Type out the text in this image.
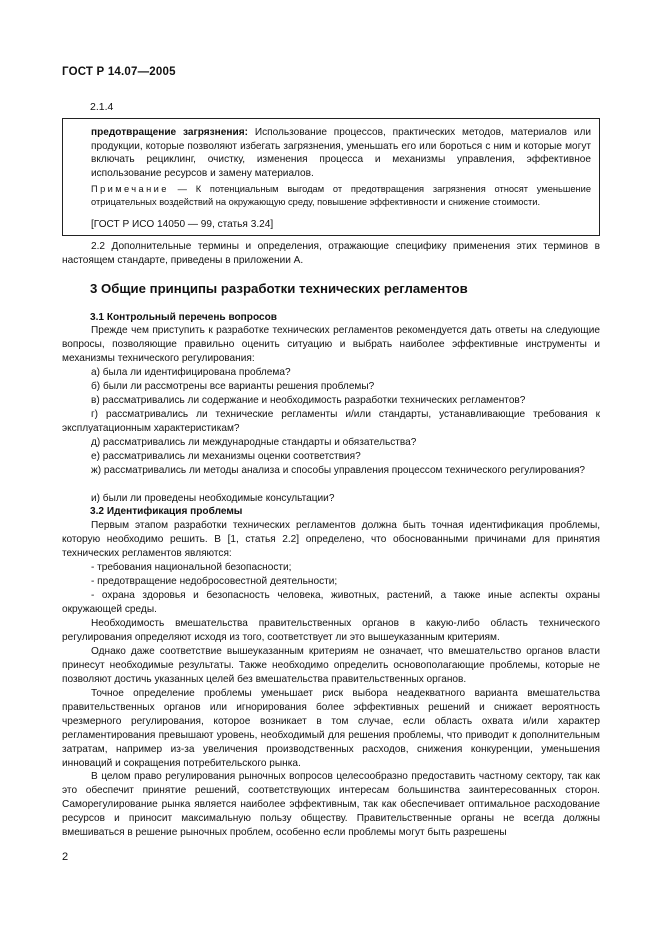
ГОСТ Р 14.07—2005
2.1.4
предотвращение загрязнения: Использование процессов, практических методов, материалов или продукции, которые позволяют избегать загрязнения, уменьшать его или бороться с ним и которые могут включать рециклинг, очистку, изменения процесса и механизмы управления, эффективное использование ресурсов и замену материалов.
Примечание — К потенциальным выгодам от предотвращения загрязнения относят уменьшение отрицательных воздействий на окружающую среду, повышение эффективности и снижение стоимости.
[ГОСТ Р ИСО 14050 — 99, статья 3.24]

2.2 Дополнительные термины и определения, отражающие специфику применения этих терминов в настоящем стандарте, приведены в приложении А.

3 Общие принципы разработки технических регламентов
3.1 Контрольный перечень вопросов

Прежде чем приступить к разработке технических регламентов рекомендуется дать ответы на следующие вопросы, позволяющие правильно оценить ситуацию и выбрать наиболее эффективные инструменты и механизмы технического регулирования:

а) была ли идентифицирована проблема?

б) были ли рассмотрены все варианты решения проблемы?

в) рассматривались ли содержание и необходимость разработки технических регламентов?

г) рассматривались ли технические регламенты и/или стандарты, устанавливающие требования к эксплуатационным характеристикам?

д) рассматривались ли международные стандарты и обязательства?

е) рассматривались ли механизмы оценки соответствия?

ж) рассматривались ли методы анализа и способы управления процессом технического регулирования?

и) были ли проведены необходимые консультации?

3.2 Идентификация проблемы

Первым этапом разработки технических регламентов должна быть точная идентификация проблемы, которую необходимо решить. В [1, статья 2.2] определено, что обоснованными причинами для принятия технических регламентов являются:

- требования национальной безопасности;

- предотвращение недобросовестной деятельности;

- охрана здоровья и безопасность человека, животных, растений, а также иные аспекты охраны окружающей среды.

Необходимость вмешательства правительственных органов в какую-либо область технического регулирования определяют исходя из того, соответствует ли это вышеуказанным критериям.

Однако даже соответствие вышеуказанным критериям не означает, что вмешательство органов власти принесут необходимые результаты. Также необходимо определить основополагающие проблемы, которые не позволяют достичь указанных целей без вмешательства правительственных органов.

Точное определение проблемы уменьшает риск выбора неадекватного варианта вмешательства правительственных органов или игнорирования более эффективных решений и снижает вероятность чрезмерного регулирования, которое возникает в том случае, если область охвата и/или характер регламентирования превышают уровень, необходимый для решения проблемы, что приводит к дополнительным затратам, например из-за увеличения производственных расходов, снижения конкуренции, уменьшения инноваций и сокращения потребительского рынка.

В целом право регулирования рыночных вопросов целесообразно предоставить частному сектору, так как это обеспечит принятие решений, соответствующих интересам большинства заинтересованных сторон. Саморегулирование рынка является наиболее эффективным, так как обеспечивает оптимальное расходование ресурсов и приносит максимальную пользу обществу. Правительственные органы не всегда должны вмешиваться в решение рыночных проблем, особенно если проблемы могут быть разрешены

2
